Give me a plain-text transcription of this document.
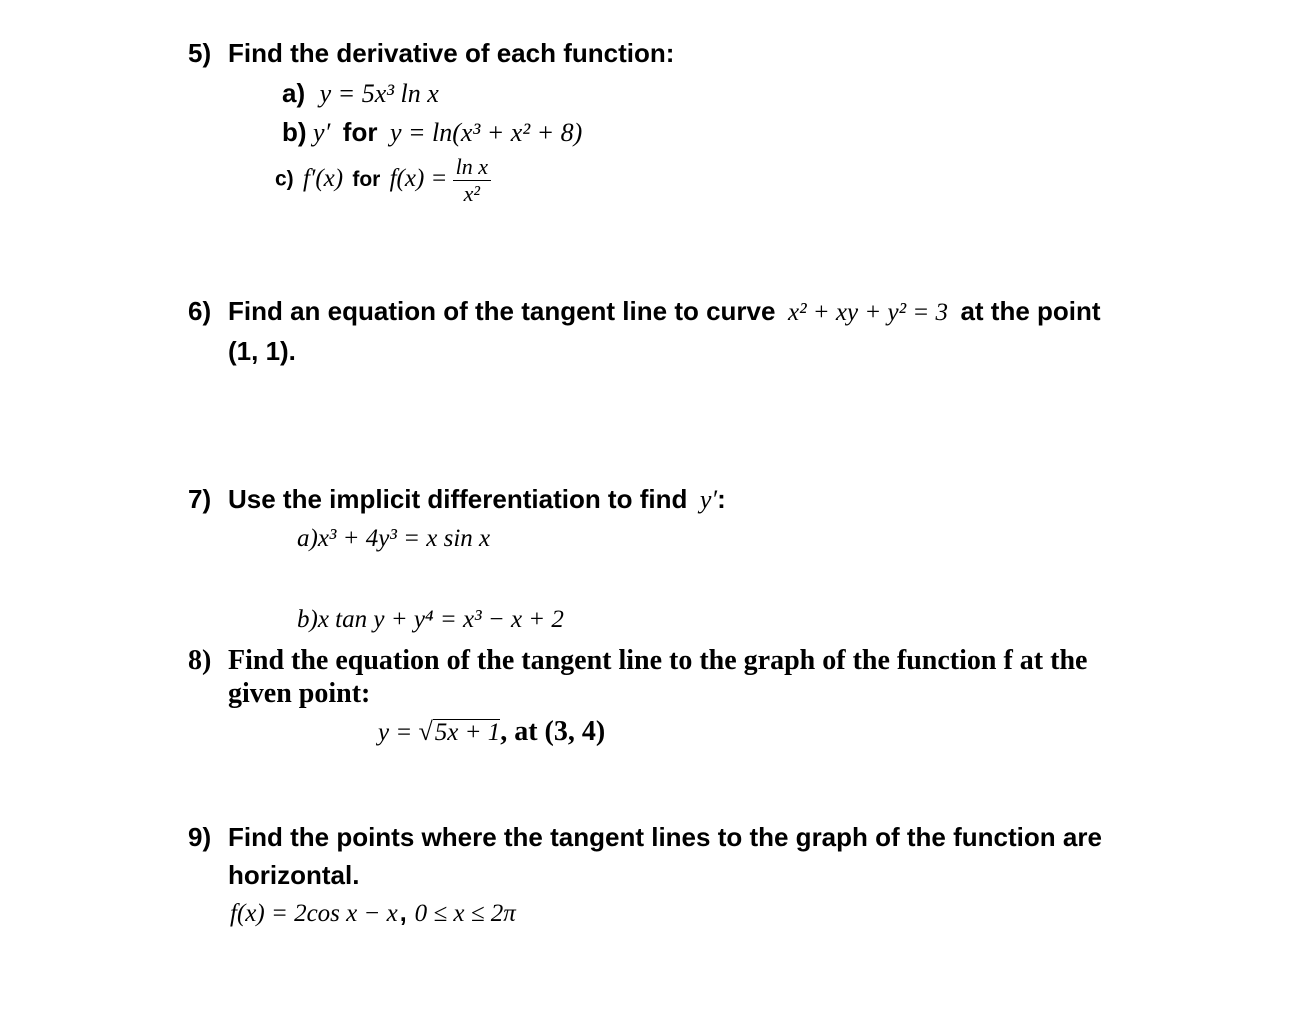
5) Find the derivative of each function:
a) y = 5x³ ln x
b) y′ for y = ln(x³ + x² + 8)
c) f′(x) for $f(x) = \frac{\text{ln x}}{\text{x²}}$
6) Find an equation of the tangent line to curve x² + xy + y² = 3 at the point
(1, 1).
7) Use the implicit differentiation to find y′:
a)x³ + 4y³ = x sin x
b)x tan y + y⁴ = x³ − x + 2
8) Find the equation of the tangent line to the graph of the function f at the
given point:
y = √5x + 1, at (3, 4)
9) Find the points where the tangent lines to the graph of the function are
horizontal.
f(x) = 2cos x − x, 0 ≤ x ≤ 2π
